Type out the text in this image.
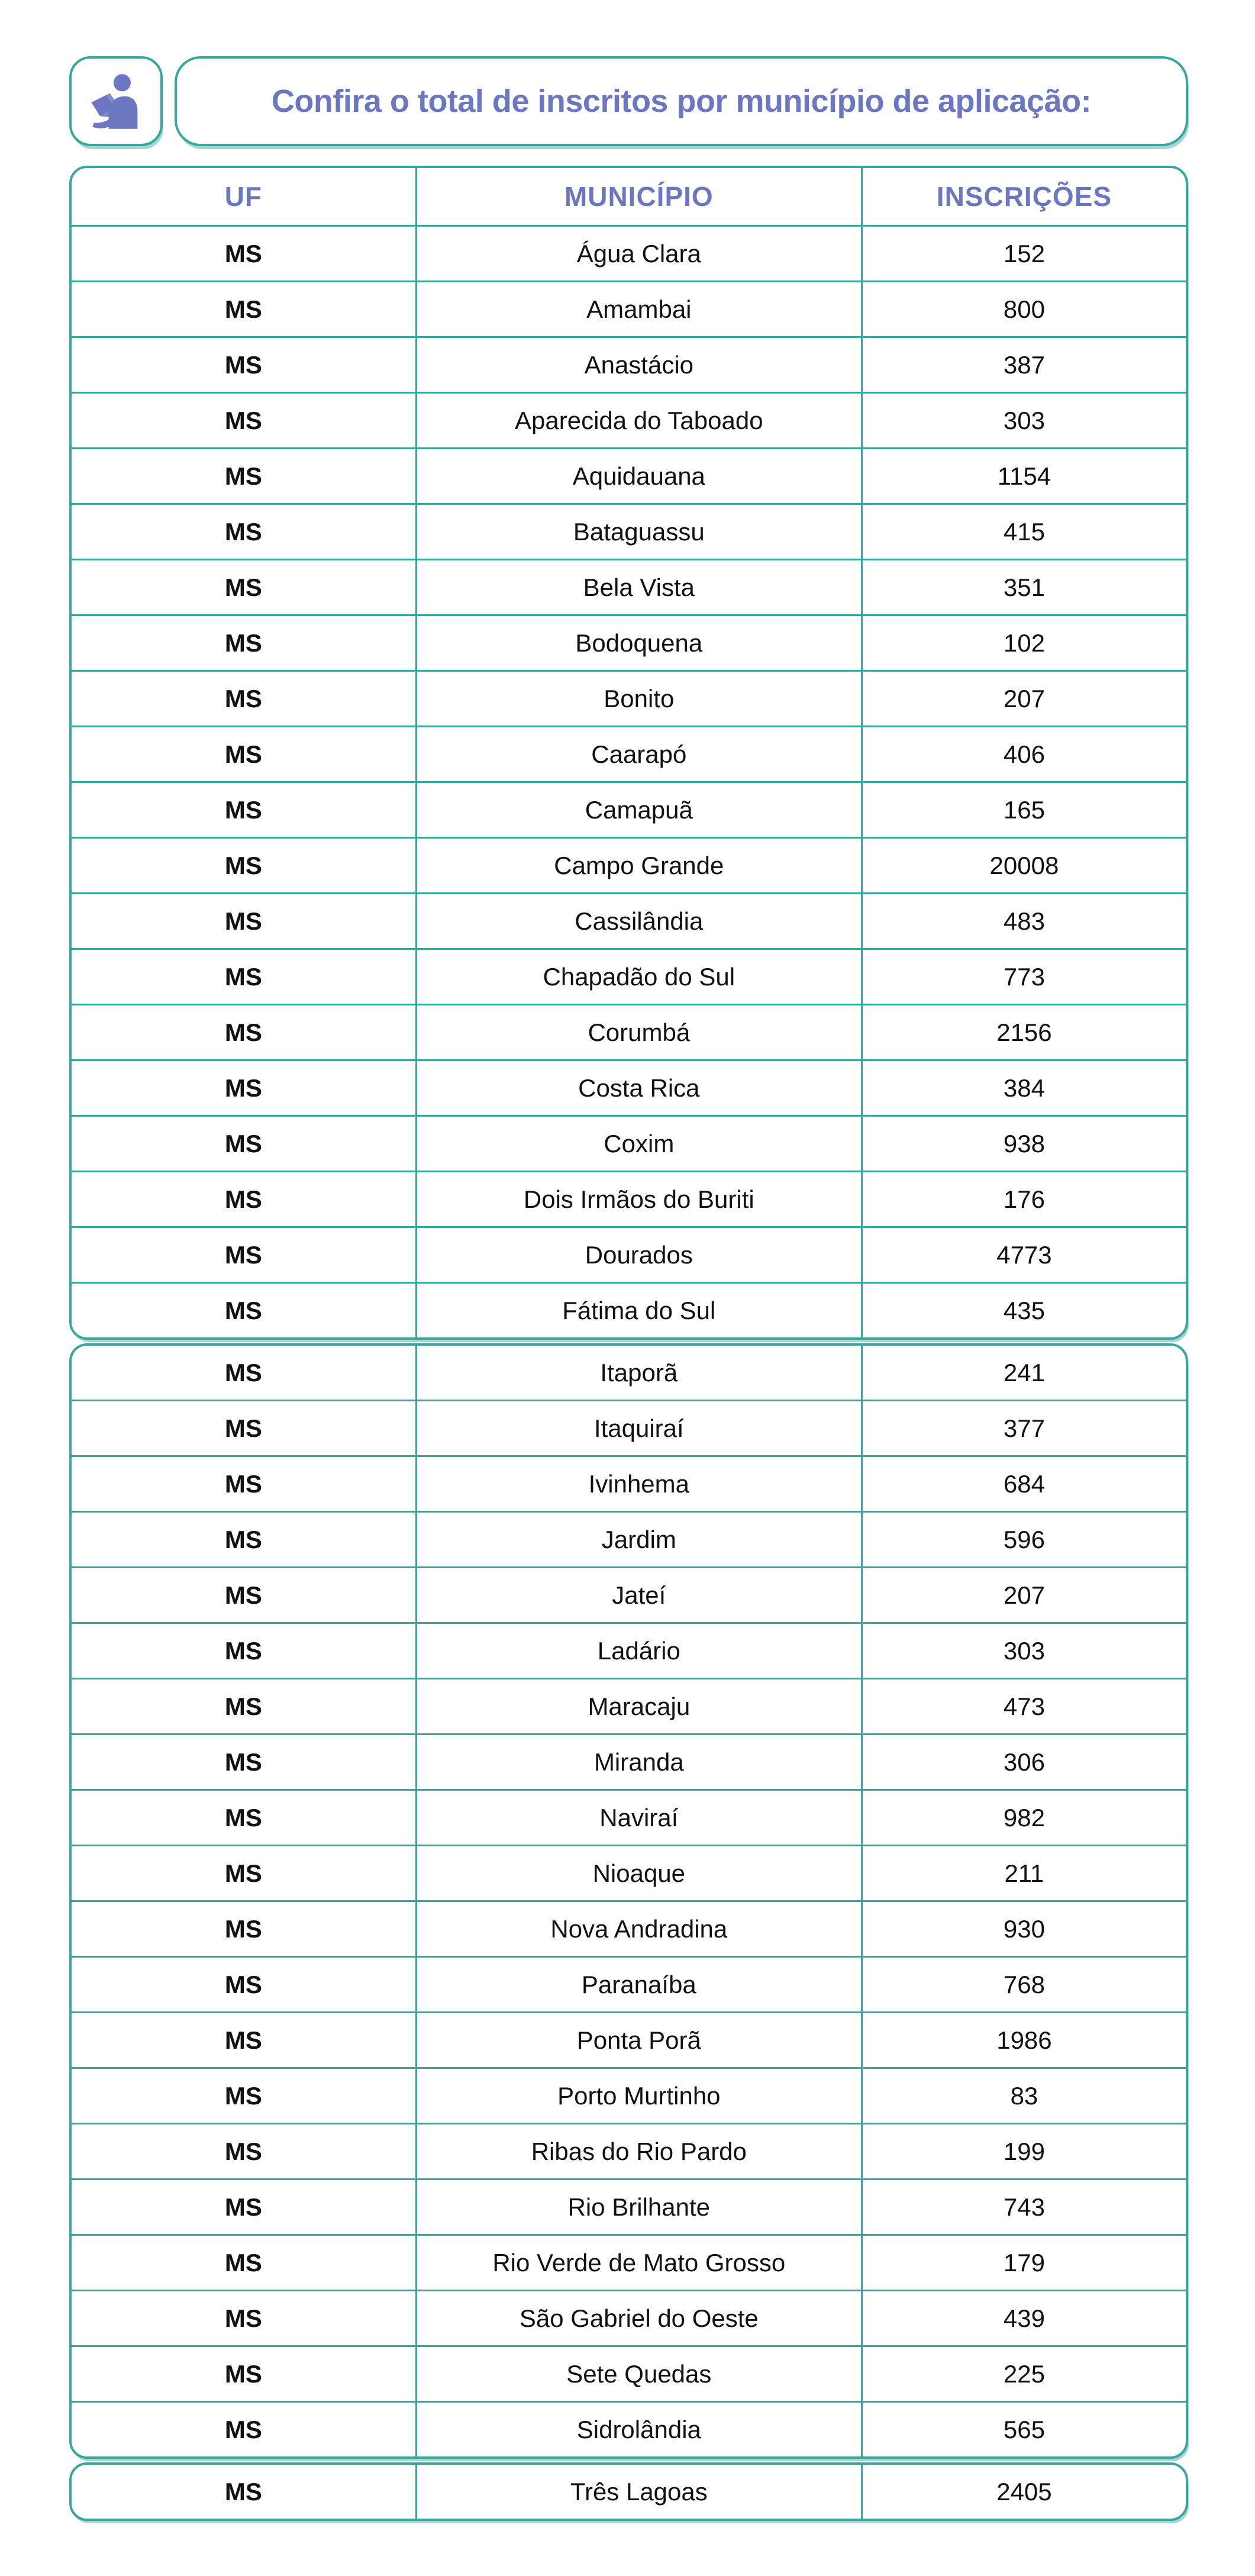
Confira o total de inscritos por município de aplicação:
UF	MUNICÍPIO	INSCRIÇÕES
MS	Água Clara	152
MS	Amambai	800
MS	Anastácio	387
MS	Aparecida do Taboado	303
MS	Aquidauana	1154
MS	Bataguassu	415
MS	Bela Vista	351
MS	Bodoquena	102
MS	Bonito	207
MS	Caarapó	406
MS	Camapuã	165
MS	Campo Grande	20008
MS	Cassilândia	483
MS	Chapadão do Sul	773
MS	Corumbá	2156
MS	Costa Rica	384
MS	Coxim	938
MS	Dois Irmãos do Buriti	176
MS	Dourados	4773
MS	Fátima do Sul	435
MS	Itaporã	241
MS	Itaquiraí	377
MS	Ivinhema	684
MS	Jardim	596
MS	Jateí	207
MS	Ladário	303
MS	Maracaju	473
MS	Miranda	306
MS	Naviraí	982
MS	Nioaque	211
MS	Nova Andradina	930
MS	Paranaíba	768
MS	Ponta Porã	1986
MS	Porto Murtinho	83
MS	Ribas do Rio Pardo	199
MS	Rio Brilhante	743
MS	Rio Verde de Mato Grosso	179
MS	São Gabriel do Oeste	439
MS	Sete Quedas	225
MS	Sidrolândia	565
MS	Três Lagoas	2405
